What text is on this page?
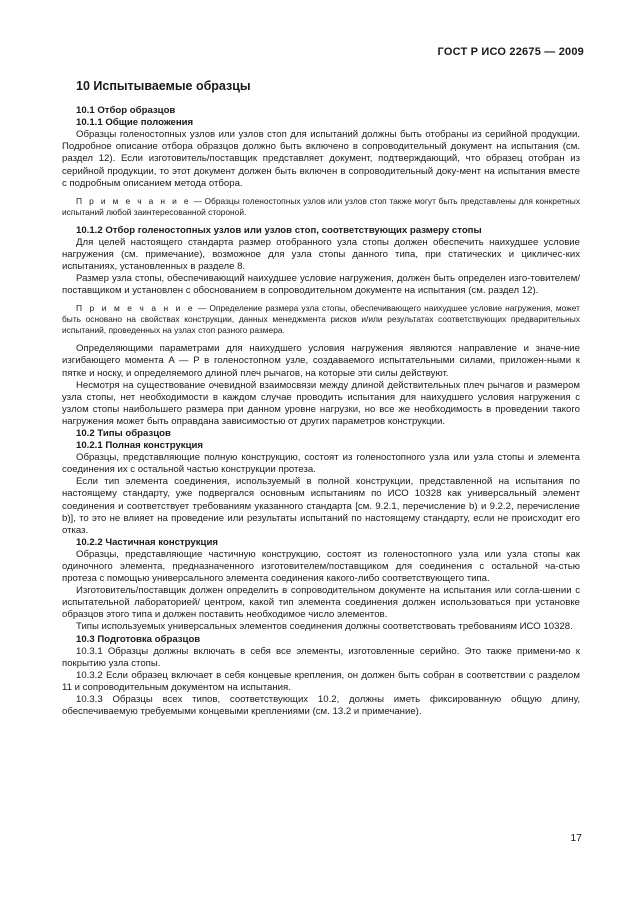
ГОСТ Р ИСО 22675 — 2009
10 Испытываемые образцы
10.1 Отбор образцов
10.1.1 Общие положения

Образцы голеностопных узлов или узлов стоп для испытаний должны быть отобраны из серийной продукции. Подробное описание отбора образцов должно быть включено в сопроводительный документ на испытания (см. раздел 12). Если изготовитель/поставщик представляет документ, подтверждающий, что образец отобран из серийной продукции, то этот документ должен быть включен в сопроводительный доку-мент на испытания вместе с подробным описанием метода отбора.

П р и м е ч а н и е — Образцы голеностопных узлов или узлов стоп также могут быть представлены для конкретных испытаний любой заинтересованной стороной.

10.1.2 Отбор голеностопных узлов или узлов стоп, соответствующих размеру стопы

Для целей настоящего стандарта размер отобранного узла стопы должен обеспечить наихудшее условие нагружения (см. примечание), возможное для узла стопы данного типа, при статических и цикличес-ких испытаниях, установленных в разделе 8.

Размер узла стопы, обеспечивающий наихудшее условие нагружения, должен быть определен изго-товителем/поставщиком и установлен с обоснованием в сопроводительном документе на испытания (см. раздел 12).

П р и м е ч а н и е — Определение размера узла стопы, обеспечивающего наихудшее условие нагружения, может быть основано на свойствах конструкции, данных менеджмента рисков и/или результатах соответствующих предварительных испытаний, проведенных на узлах стоп разного размера.

Определяющими параметрами для наихудшего условия нагружения являются направление и значе-ние изгибающего момента A — P в голеностопном узле, создаваемого испытательными силами, приложен-ными к пятке и носку, и определяемого длиной плеч рычагов, на которые эти силы действуют.

Несмотря на существование очевидной взаимосвязи между длиной действительных плеч рычагов и размером узла стопы, нет необходимости в каждом случае проводить испытания для наихудшего условия нагружения с узлом стопы наибольшего размера при данном уровне нагрузки, но все же необходимость в проведении такого нагружения может быть оправдана зависимостью от других параметров конструкции.

10.2 Типы образцов
10.2.1 Полная конструкция

Образцы, представляющие полную конструкцию, состоят из голеностопного узла или узла стопы и элемента соединения их с остальной частью конструкции протеза.

Если тип элемента соединения, используемый в полной конструкции, представленной на испытания по настоящему стандарту, уже подвергался основным испытаниям по ИСО 10328 как универсальный элемент соединения и соответствует требованиям указанного стандарта [см. 9.2.1, перечисление b) и 9.2.2, перечисление b)], то это не влияет на проведение или результаты испытаний по настоящему стандарту, если не происходит его отказ.

10.2.2 Частичная конструкция

Образцы, представляющие частичную конструкцию, состоят из голеностопного узла или узла стопы как одиночного элемента, предназначенного изготовителем/поставщиком для соединения с остальной ча-стью протеза с помощью универсального элемента соединения какого-либо соответствующего типа.

Изготовитель/поставщик должен определить в сопроводительном документе на испытания или согла-шении с испытательной лабораторией/ центром, какой тип элемента соединения должен использоваться при установке образцов этого типа и должен поставить необходимое число элементов.

Типы используемых универсальных элементов соединения должны соответствовать требованиям ИСО 10328.

10.3 Подготовка образцов

10.3.1 Образцы должны включать в себя все элементы, изготовленные серийно. Это также примени-мо к покрытию узла стопы.

10.3.2 Если образец включает в себя концевые крепления, он должен быть собран в соответствии с разделом 11 и сопроводительным документом на испытания.

10.3.3 Образцы всех типов, соответствующих 10.2, должны иметь фиксированную общую длину, обеспечиваемую требуемыми концевыми креплениями (см. 13.2 и примечание).

17
